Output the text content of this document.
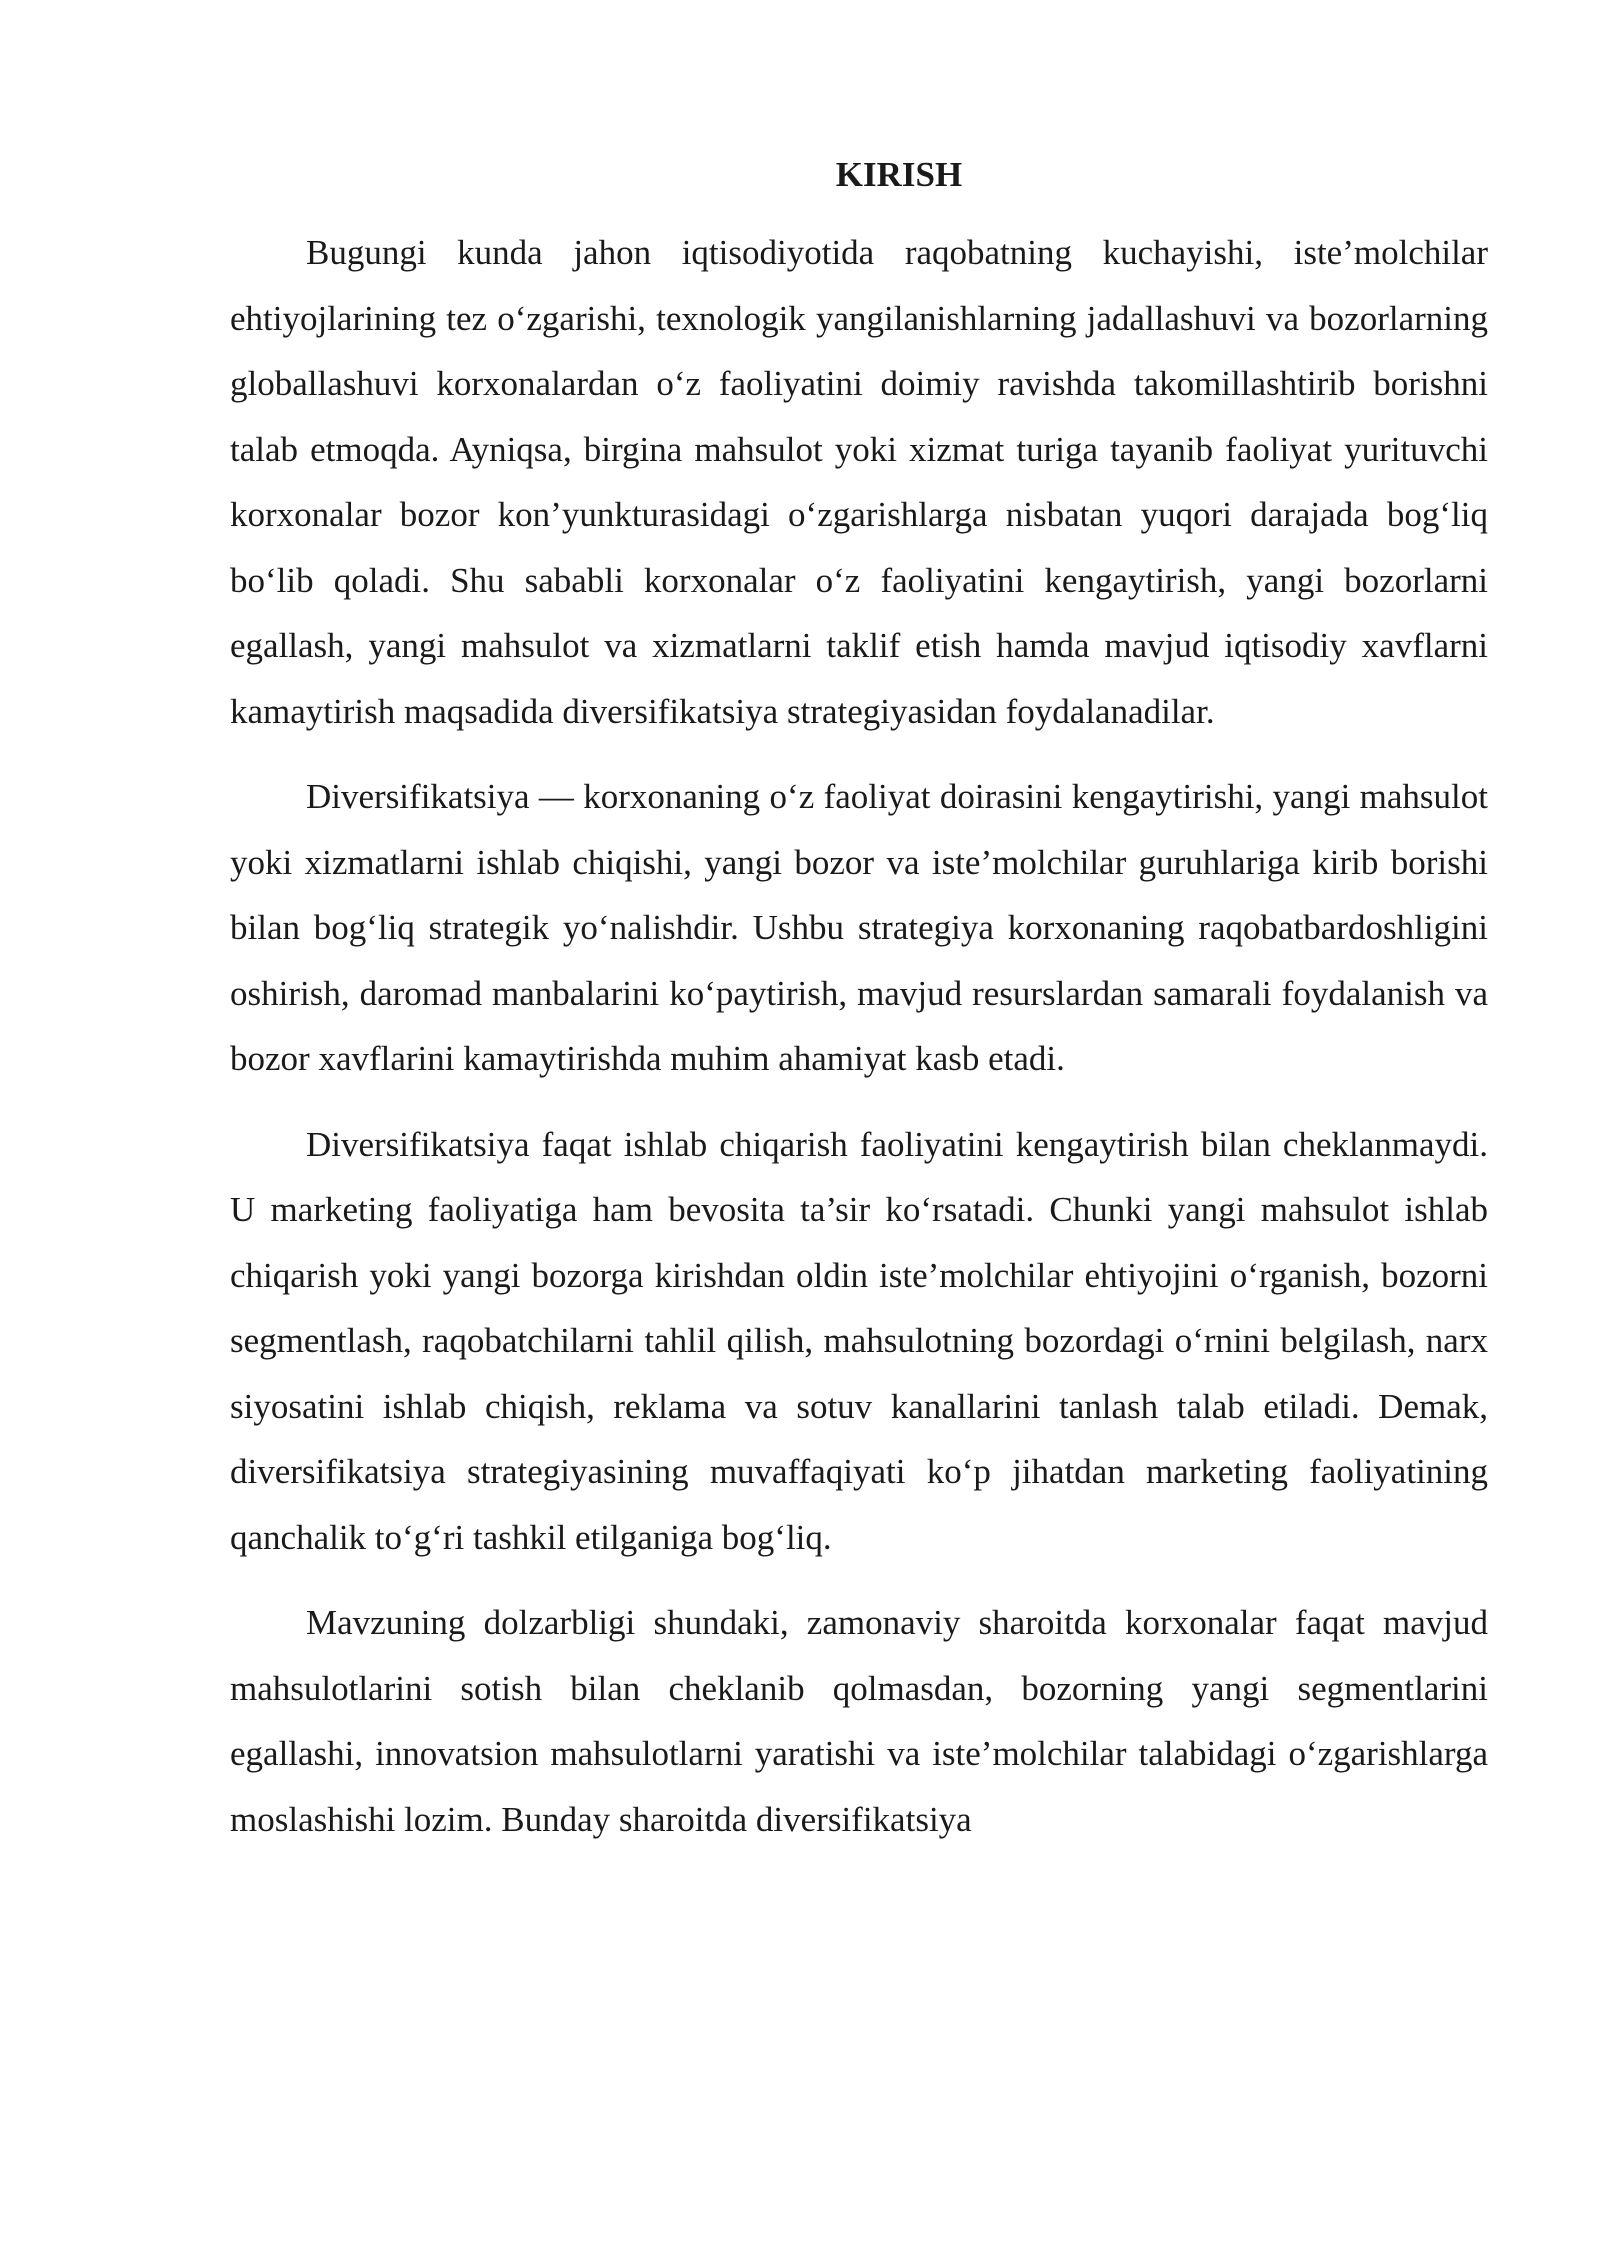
KIRISH

Bugungi kunda jahon iqtisodiyotida raqobatning kuchayishi, iste’molchilar ehtiyojlarining tez o‘zgarishi, texnologik yangilanishlarning jadallashuvi va bozorlarning globallashuvi korxonalardan o‘z faoliyatini doimiy ravishda takomillashtirib borishni talab etmoqda. Ayniqsa, birgina mahsulot yoki xizmat turiga tayanib faoliyat yurituvchi korxonalar bozor kon’yunkturasidagi o‘zgarishlarga nisbatan yuqori darajada bog‘liq bo‘lib qoladi. Shu sababli korxonalar o‘z faoliyatini kengaytirish, yangi bozorlarni egallash, yangi mahsulot va xizmatlarni taklif etish hamda mavjud iqtisodiy xavflarni kamaytirish maqsadida diversifikatsiya strategiyasidan foydalanadilar.

Diversifikatsiya — korxonaning o‘z faoliyat doirasini kengaytirishi, yangi mahsulot yoki xizmatlarni ishlab chiqishi, yangi bozor va iste’molchilar guruhlariga kirib borishi bilan bog‘liq strategik yo‘nalishdir. Ushbu strategiya korxonaning raqobatbardoshligini oshirish, daromad manbalarini ko‘paytirish, mavjud resurslardan samarali foydalanish va bozor xavflarini kamaytirishda muhim ahamiyat kasb etadi.

Diversifikatsiya faqat ishlab chiqarish faoliyatini kengaytirish bilan cheklanmaydi. U marketing faoliyatiga ham bevosita ta’sir ko‘rsatadi. Chunki yangi mahsulot ishlab chiqarish yoki yangi bozorga kirishdan oldin iste’molchilar ehtiyojini o‘rganish, bozorni segmentlash, raqobatchilarni tahlil qilish, mahsulotning bozordagi o‘rnini belgilash, narx siyosatini ishlab chiqish, reklama va sotuv kanallarini tanlash talab etiladi. Demak, diversifikatsiya strategiyasining muvaffaqiyati ko‘p jihatdan marketing faoliyatining qanchalik to‘g‘ri tashkil etilganiga bog‘liq.

Mavzuning dolzarbligi shundaki, zamonaviy sharoitda korxonalar faqat mavjud mahsulotlarini sotish bilan cheklanib qolmasdan, bozorning yangi segmentlarini egallashi, innovatsion mahsulotlarni yaratishi va iste’molchilar talabidagi o‘zgarishlarga moslashishi lozim. Bunday sharoitda diversifikatsiya
